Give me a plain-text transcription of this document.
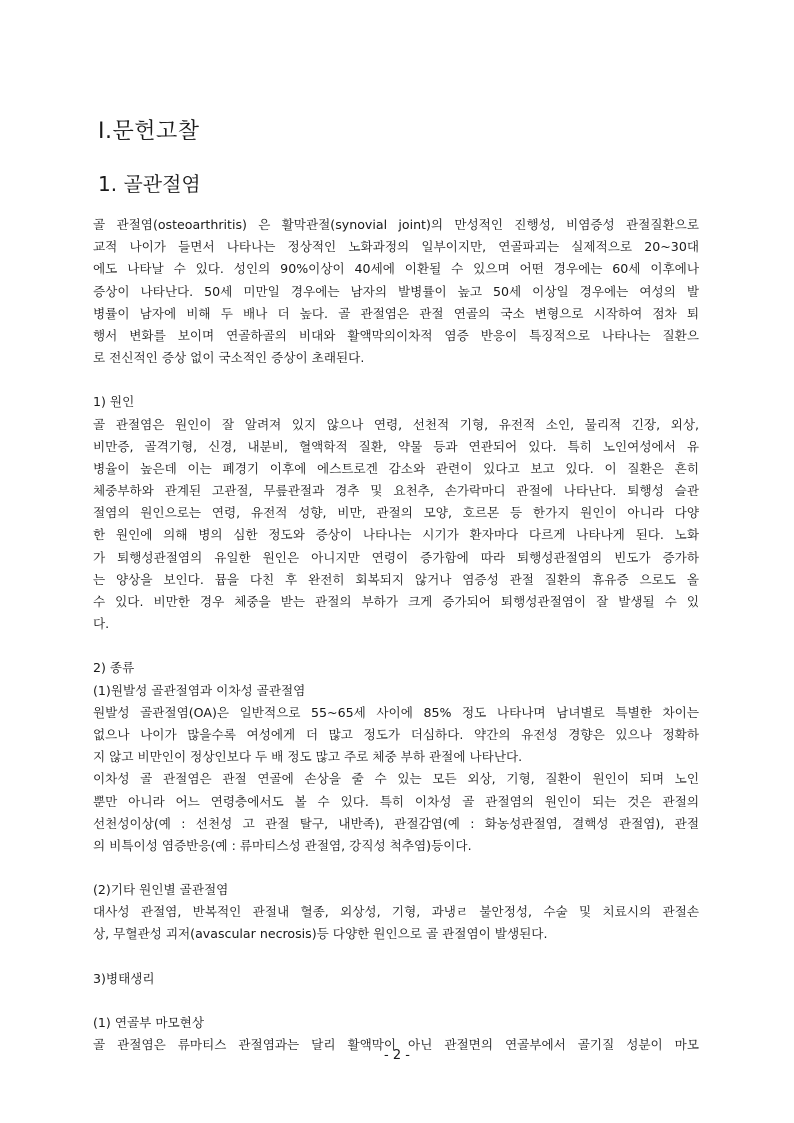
Ⅰ.문헌고찰
1. 골관절염
골 관절염(osteoarthritis) 은 활막관절(synovial joint)의 만성적인 진행성, 비염증성 관절질환으로
교적 나이가 들면서 나타나는 정상적인 노화과정의 일부이지만, 연골파괴는 실제적으로 20~30대
에도 나타날 수 있다. 성인의 90%이상이 40세에 이환될 수 있으며 어떤 경우에는 60세 이후에나
증상이 나타난다. 50세 미만일 경우에는 남자의 발병률이 높고 50세 이상일 경우에는 여성의 발
병률이 남자에 비해 두 배나 더 높다. 골 관절염은 관절 연골의 국소 변형으로 시작하여 점차 퇴
행서 변화를 보이며 연골하골의 비대와 활액막의이차적 염증 반응이 특징적으로 나타나는 질환으
로 전신적인 증상 없이 국소적인 증상이 초래된다.
1) 원인
골 관절염은 원인이 잘 알려져 있지 않으나 연령, 선천적 기형, 유전적 소인, 물리적 긴장, 외상,
비만증, 골격기형, 신경, 내분비, 혈액학적 질환, 약물 등과 연관되어 있다. 특히 노인여성에서 유
병율이 높은데 이는 폐경기 이후에 에스트로겐 감소와 관련이 있다고 보고 있다. 이 질환은 흔히
체중부하와 관계된 고관절, 무릎관절과 경추 및 요천추, 손가락마디 관절에 나타난다. 퇴행성 슬관
절염의 원인으로는 연령, 유전적 성향, 비만, 관절의 모양, 호르몬 등 한가지 원인이 아니라 다양
한 원인에 의해 병의 심한 정도와 증상이 나타나는 시기가 환자마다 다르게 나타나게 된다. 노화
가 퇴행성관절염의 유일한 원인은 아니지만 연령이 증가함에 따라 퇴행성관절염의 빈도가 증가하
는 양상을 보인다. 뮵을 다친 후 완전히 회복되지 않거나 염증성 관절 질환의 휴유증 으로도 올
수 있다. 비만한 경우 체중을 받는 관절의 부하가 크게 증가되어 퇴행성관절염이 잘 발생될 수 있
다.
2) 종류
(1)원발성 골관절염과 이차성 골관절염
원발성 골관절염(OA)은 일반적으로 55~65세 사이에 85% 정도 나타나며 남녀별로 특별한 차이는
없으나 나이가 많을수록 여성에게 더 많고 정도가 더심하다. 약간의 유전성 경향은 있으나 정확하
지 않고 비만인이 정상인보다 두 배 정도 많고 주로 체중 부하 관절에 나타난다.
이차성 골 관절염은 관절 연골에 손상을 줄 수 있는 모든 외상, 기형, 질환이 원인이 되며 노인
뿐만 아니라 어느 연령층에서도 볼 수 있다. 특히 이차성 골 관절염의 원인이 되는 것은 관절의
선천성이상(예 : 선천성 고 관절 탈구, 내반족), 관절감염(예 : 화농성관절염, 결핵성 관절염), 관절
의 비특이성 염증반응(예 : 류마티스성 관절염, 강직성 척추염)등이다.
(2)기타 원인별 골관절염
대사성 관절염, 반복적인 관절내 혈종, 외상성, 기형, 과냉ㄹ 불안정성, 수술 및 치료시의 관절손
상, 무혈관성 괴저(avascular necrosis)등 다양한 원인으로 골 관절염이 발생된다.
3)병태생리
(1) 연골부 마모현상
골 관절염은 류마티스 관절염과는 달리 활액막이 아닌 관절면의 연골부에서 골기질 성분이 마모
- 2 -
